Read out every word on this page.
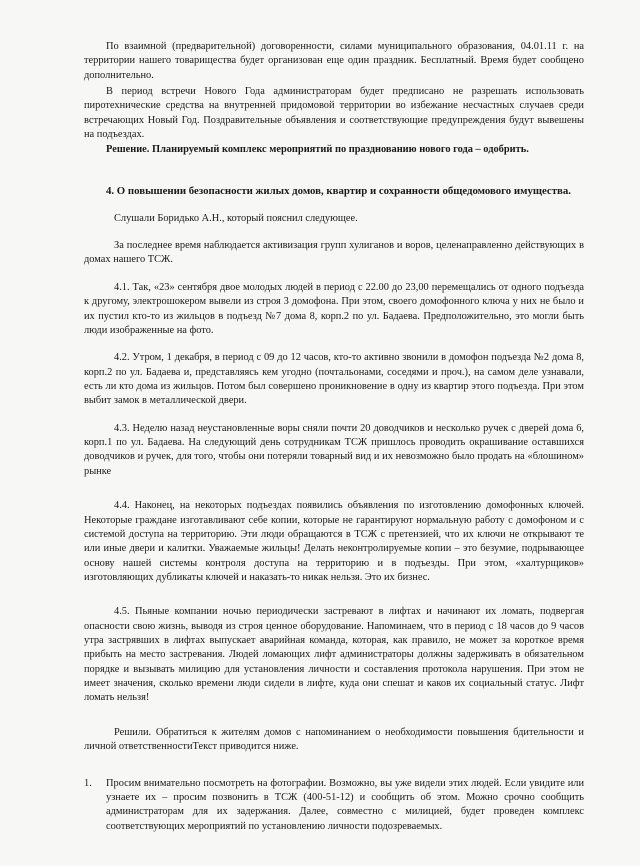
По взаимной (предварительной) договоренности, силами муниципального образования, 04.01.11 г. на территории нашего товарищества будет организован еще один праздник. Бесплатный. Время будет сообщено дополнительно.

В период встречи Нового Года администраторам будет предписано не разрешать использовать пиротехнические средства на внутренней придомовой территории во избежание несчастных случаев среди встречающих Новый Год. Поздравительные объявления и соответствующие предупреждения будут вывешены на подъездах.

Решение. Планируемый комплекс мероприятий по празднованию нового года – одобрить.

4. О повышении безопасности жилых домов, квартир и сохранности общедомового имущества.

Слушали Боридько А.Н., который пояснил следующее.

За последнее время наблюдается активизация групп хулиганов и воров, целенаправленно действующих в домах нашего ТСЖ.

4.1. Так, «23» сентября двое молодых людей в период с 22.00 до 23,00 перемещались от одного подъезда к другому, электрошокером вывели из строя 3 домофона. При этом, своего домофонного ключа у них не было и их пустил кто-то из жильцов в подъезд №7 дома 8, корп.2 по ул. Бадаева. Предположительно, это могли быть люди изображенные на фото.

4.2. Утром, 1 декабря, в период с 09 до 12 часов, кто-то активно звонили в домофон подъезда №2 дома 8, корп.2 по ул. Бадаева и, представляясь кем угодно (почтальонами, соседями и проч.), на самом деле узнавали, есть ли кто дома из жильцов. Потом был совершено проникновение в одну из квартир этого подъезда. При этом выбит замок в металлической двери.

4.3. Неделю назад неустановленные воры сняли почти 20 доводчиков и несколько ручек с дверей дома 6, корп.1 по ул. Бадаева. На следующий день сотрудникам ТСЖ пришлось проводить окрашивание оставшихся доводчиков и ручек, для того, чтобы они потеряли товарный вид и их невозможно было продать на «блошином» рынке

4.4. Наконец, на некоторых подъездах появились объявления по изготовлению домофонных ключей. Некоторые граждане изготавливают себе копии, которые не гарантируют нормальную работу с домофоном и с системой доступа на территорию. Эти люди обращаются в ТСЖ с претензией, что их ключи не открывают те или иные двери и калитки. Уважаемые жильцы! Делать неконтролируемые копии – это безумие, подрывающее основу нашей системы контроля доступа на территорию и в подъезды. При этом, «халтурщиков» изготовляющих дубликаты ключей и наказать-то никак нельзя. Это их бизнес.

4.5. Пьяные компании ночью периодически застревают в лифтах и начинают их ломать, подвергая опасности свою жизнь, выводя из строя ценное оборудование. Напоминаем, что в период с 18 часов до 9 часов утра застрявших в лифтах выпускает аварийная команда, которая, как правило, не может за короткое время прибыть на место застревания. Людей ломающих лифт администраторы должны задерживать в обязательном порядке и вызывать милицию для установления личности и составления протокола нарушения. При этом не имеет значения, сколько времени люди сидели в лифте, куда они спешат и каков их социальный статус. Лифт ломать нельзя!

Решили. Обратиться к жителям домов с напоминанием о необходимости повышения бдительности и личной ответственностиТекст приводится ниже.

1.	Просим внимательно посмотреть на фотографии. Возможно, вы уже видели этих людей. Если увидите или узнаете их – просим позвонить в ТСЖ (400-51-12) и сообщить об этом. Можно срочно сообщить администраторам для их задержания. Далее, совместно с милицией, будет проведен комплекс соответствующих мероприятий по установлению личности подозреваемых.
